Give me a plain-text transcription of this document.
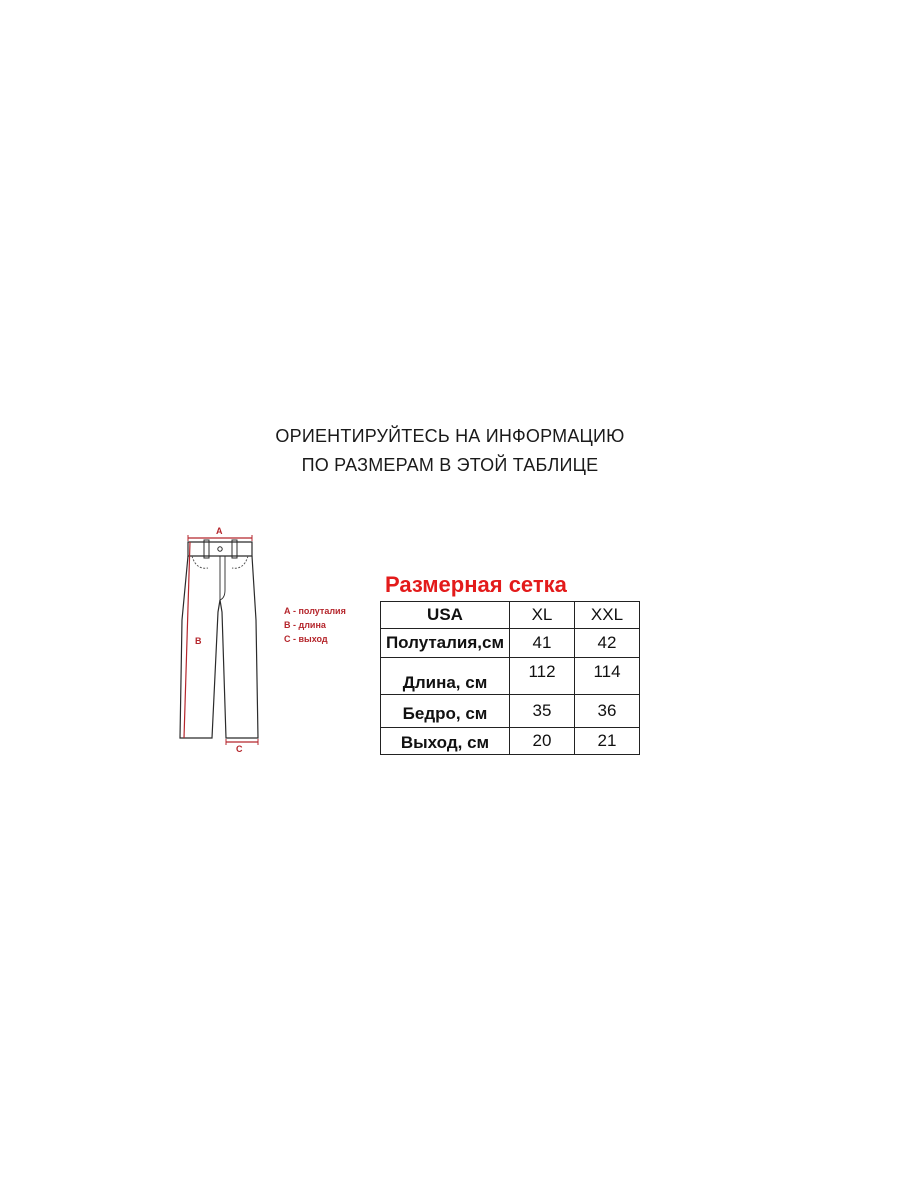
ОРИЕНТИРУЙТЕСЬ НА ИНФОРМАЦИЮ
ПО РАЗМЕРАМ В ЭТОЙ ТАБЛИЦЕ
A
B
C
А - полуталия
В - длина
С - выход
Размерная сетка
USA	XL	XXL
Полуталия,см	41	42

Длина, см	112	114

Бедро, см	35	36

Выход, см	20	21
